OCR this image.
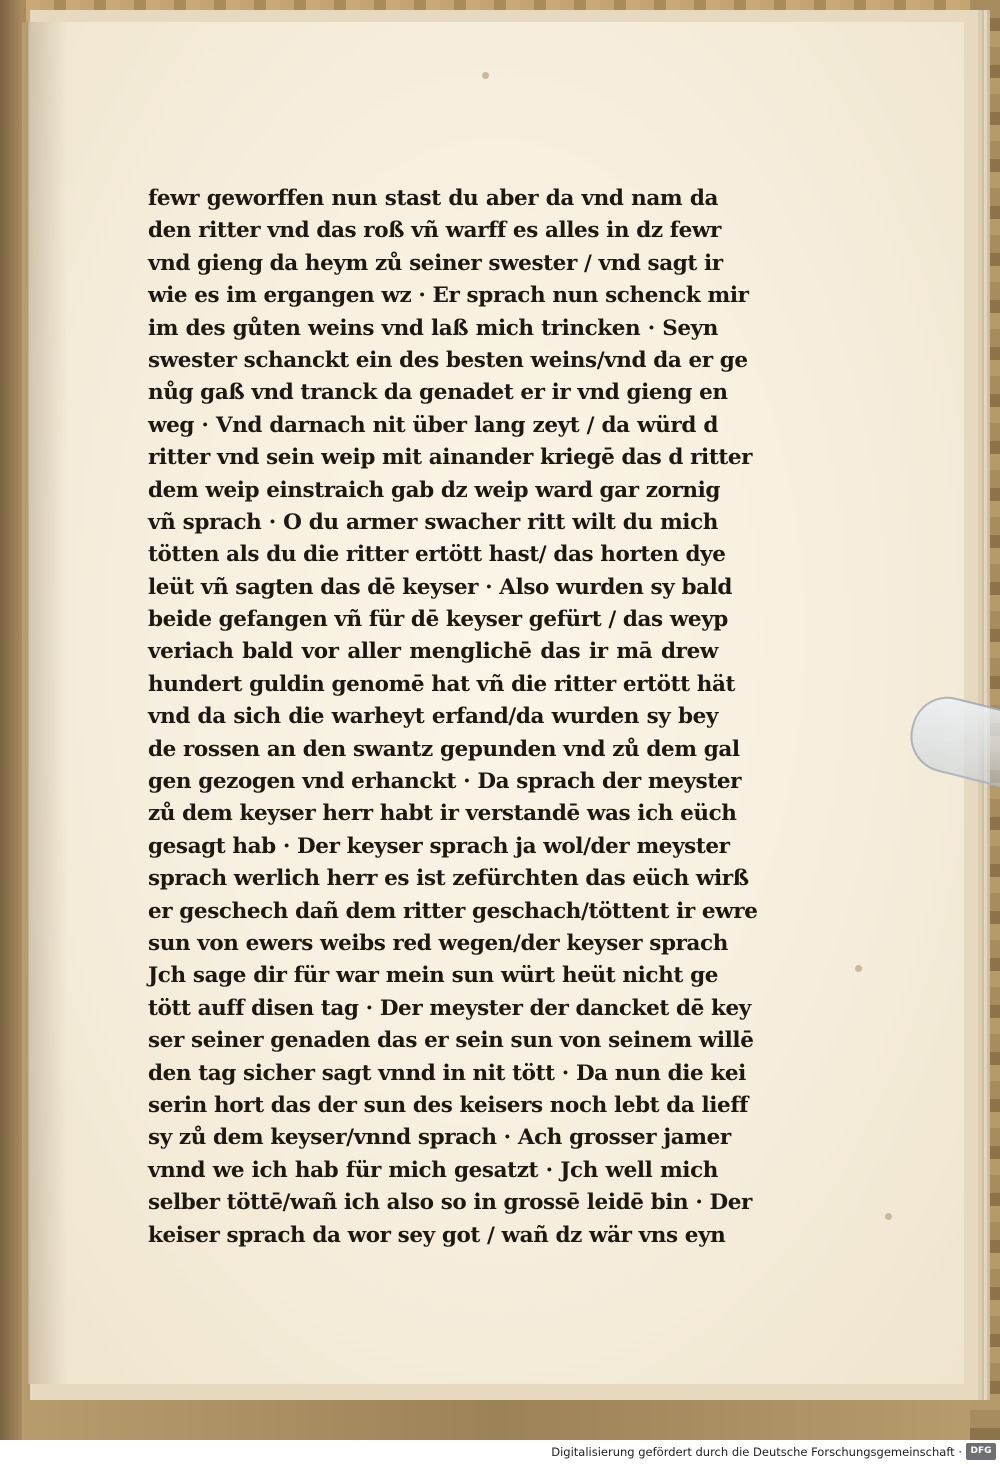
fewr geworffen nun stast du aber da vnd nam da
den ritter vnd das roß vñ warff es alles in dz fewr
vnd gieng da heym zů seiner swester / vnd sagt ir
wie es im ergangen wz · Er sprach nun schenck mir
im des gůten weins vnd laß mich trincken · Seyn
swester schanckt ein des besten weins/vnd da er ge
nůg gaß vnd tranck da genadet er ir vnd gieng en
weg · Vnd darnach nit über lang zeyt / da würd d
ritter vnd sein weip mit ainander kriegē das d ritter
dem weip einstraich gab dz weip ward gar zornig
vñ sprach · O du armer swacher ritt wilt du mich
tötten als du die ritter ertött hast/ das horten dye
leüt vñ sagten das dē keyser · Also wurden sy bald
beide gefangen vñ für dē keyser gefürt / das weyp
veriach bald vor aller menglichē das ir mā drew
hundert guldin genomē hat vñ die ritter ertött hät
vnd da sich die warheyt erfand/da wurden sy bey
de rossen an den swantz gepunden vnd zů dem gal
gen gezogen vnd erhanckt · Da sprach der meyster
zů dem keyser herr habt ir verstandē was ich eüch
gesagt hab · Der keyser sprach ja wol/der meyster
sprach werlich herr es ist zefürchten das eüch wirß
er geschech dañ dem ritter geschach/töttent ir ewre
sun von ewers weibs red wegen/der keyser sprach
Jch sage dir für war mein sun würt heüt nicht ge
tött auff disen tag · Der meyster der dancket dē key
ser seiner genaden das er sein sun von seinem willē
den tag sicher sagt vnnd in nit tött · Da nun die kei
serin hort das der sun des keisers noch lebt da lieff
sy zů dem keyser/vnnd sprach · Ach grosser jamer
vnnd we ich hab für mich gesatzt · Jch well mich
selber töttē/wañ ich also so in grossē leidē bin · Der
keiser sprach da wor sey got / wañ dz wär vns eyn
Digitalisierung gefördert durch die Deutsche Forschungsgemeinschaft · DFG
